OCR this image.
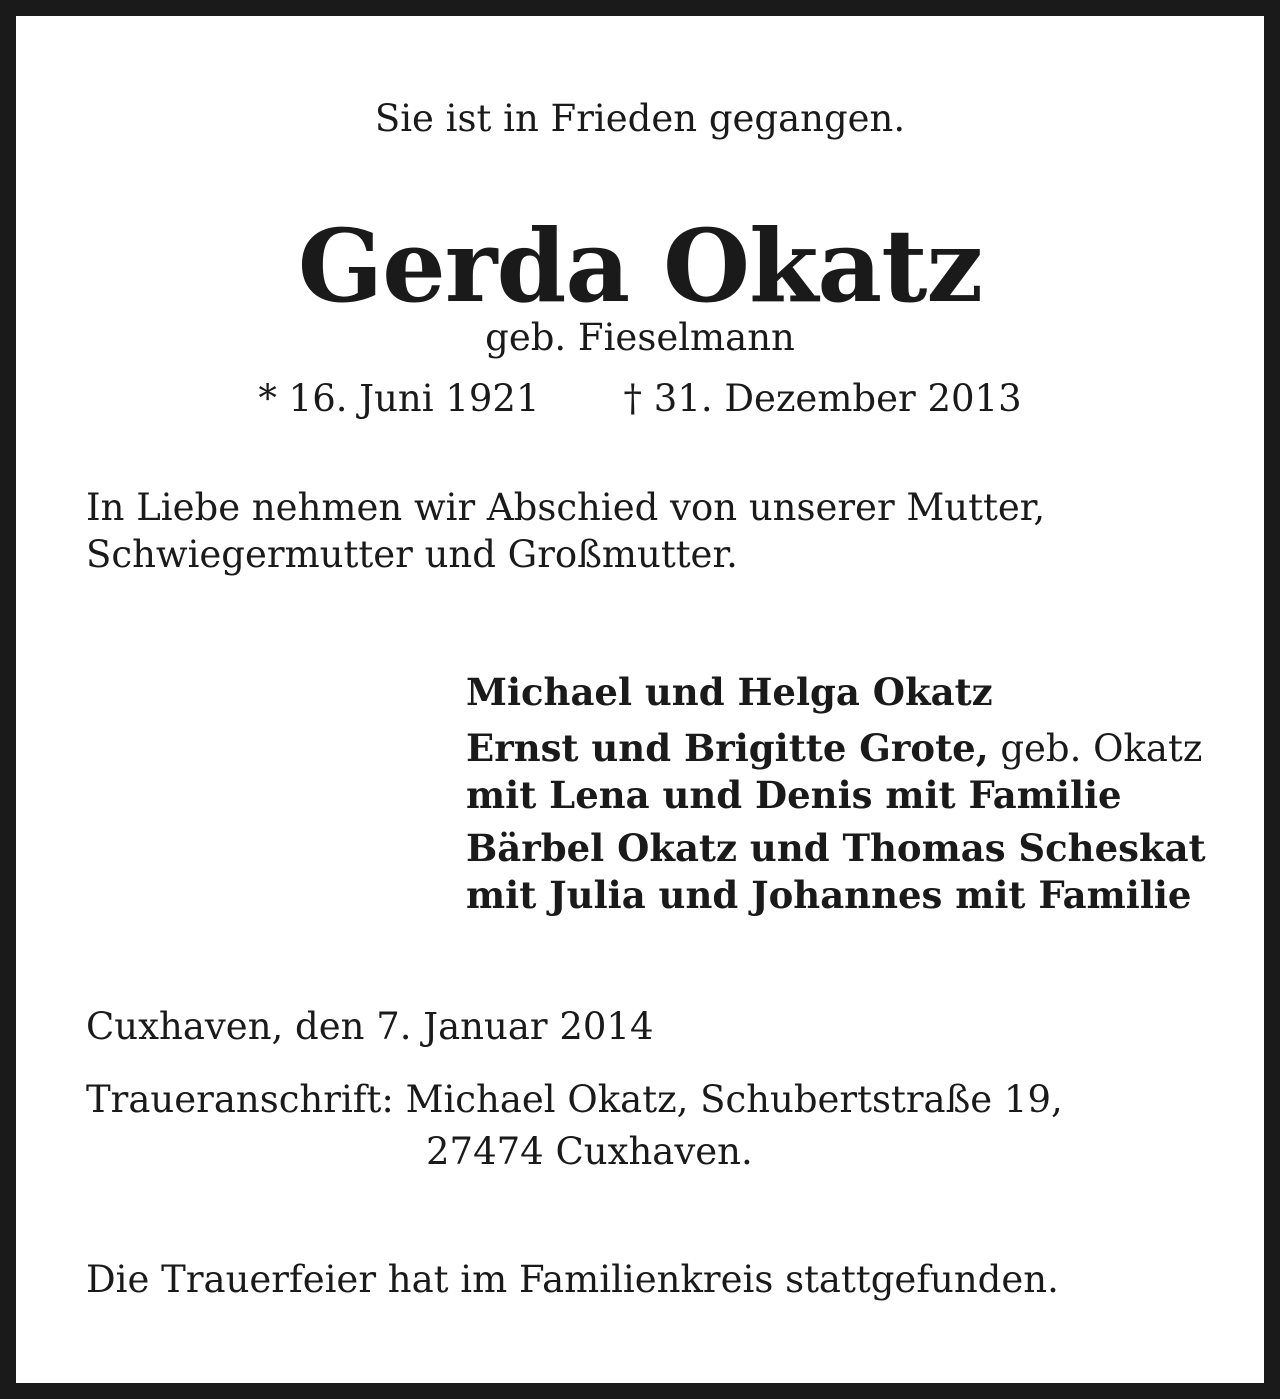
Sie ist in Frieden gegangen.

Gerda Okatz

geb. Fieselmann

* 16. Juni 1921 † 31. Dezember 2013

In Liebe nehmen wir Abschied von unserer Mutter,

Schwiegermutter und Großmutter.

Michael und Helga Okatz

Ernst und Brigitte Grote, geb. Okatz

mit Lena und Denis mit Familie

Bärbel Okatz und Thomas Scheskat

mit Julia und Johannes mit Familie

Cuxhaven, den 7. Januar 2014

Traueranschrift: Michael Okatz, Schubertstraße 19,

27474 Cuxhaven.

Die Trauerfeier hat im Familienkreis stattgefunden.
